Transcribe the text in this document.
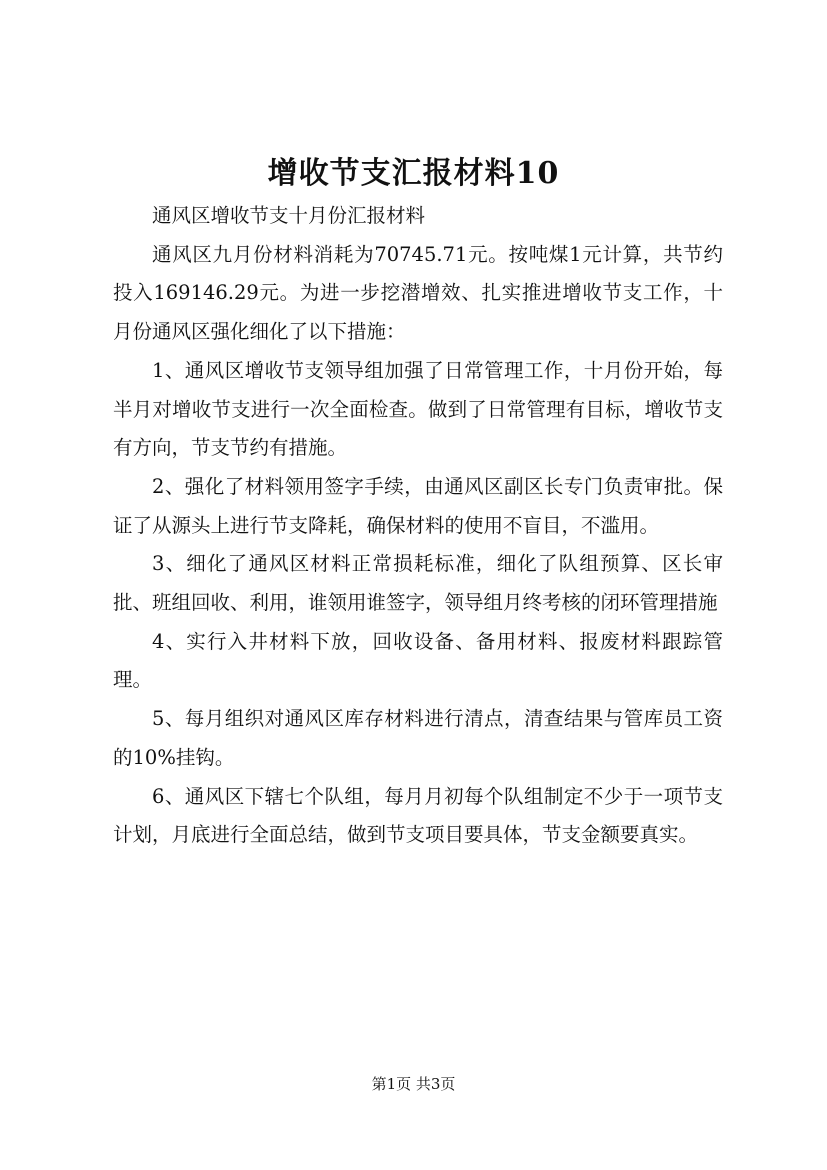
增收节支汇报材料10

通风区增收节支十月份汇报材料

通风区九月份材料消耗为70745.71元。按吨煤1元计算，共节约投入169146.29元。为进一步挖潜增效、扎实推进增收节支工作，十月份通风区强化细化了以下措施：

1、通风区增收节支领导组加强了日常管理工作，十月份开始，每半月对增收节支进行一次全面检查。做到了日常管理有目标，增收节支有方向，节支节约有措施。

2、强化了材料领用签字手续，由通风区副区长专门负责审批。保证了从源头上进行节支降耗，确保材料的使用不盲目，不滥用。

3、细化了通风区材料正常损耗标准，细化了队组预算、区长审批、班组回收、利用，谁领用谁签字，领导组月终考核的闭环管理措施

4、实行入井材料下放，回收设备、备用材料、报废材料跟踪管理。

5、每月组织对通风区库存材料进行清点，清查结果与管库员工资的10%挂钩。

6、通风区下辖七个队组，每月月初每个队组制定不少于一项节支计划，月底进行全面总结，做到节支项目要具体，节支金额要真实。

第1页 共3页
